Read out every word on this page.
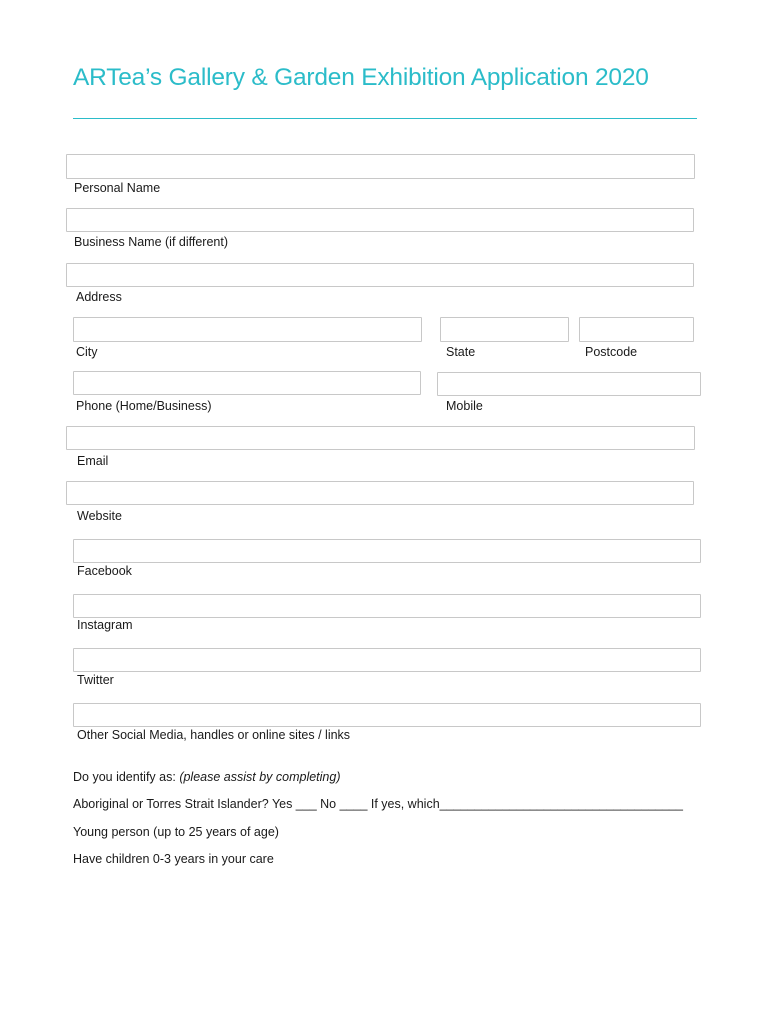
ARTea’s Gallery & Garden Exhibition Application 2020
Personal Name
Business Name (if different)
Address
City	State	Postcode
Phone (Home/Business)	Mobile
Email
Website
Facebook
Instagram
Twitter
Other Social Media, handles or online sites / links
Do you identify as: (please assist by completing)
Aboriginal or Torres Strait Islander? Yes ___ No ____ If yes, which___________________________________
Young person (up to 25 years of age)
Have children 0-3 years in your care
